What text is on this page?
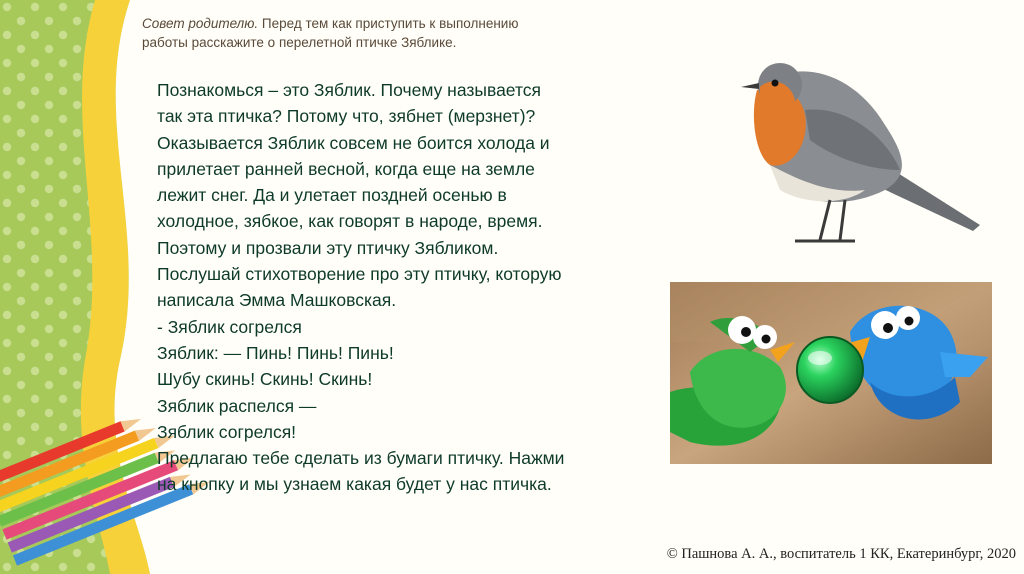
Совет родителю. Перед тем как приступить к выполнению
работы расскажите о перелетной птичке Зяблике.
Познакомься – это Зяблик. Почему называется
так эта птичка? Потому что, зябнет (мерзнет)?
Оказывается Зяблик совсем не боится холода и
прилетает ранней весной, когда еще на земле
лежит снег. Да и улетает поздней осенью в
холодное, зябкое, как говорят в народе, время.
Поэтому и прозвали эту птичку Зябликом.
Послушай стихотворение про эту птичку, которую
написала Эмма Машковская.
- Зяблик согрелся
Зяблик: — Пинь! Пинь! Пинь!
Шубу скинь! Скинь! Скинь!
Зяблик распелся —
Зяблик согрелся!
Предлагаю тебе сделать из бумаги птичку. Нажми
на кнопку и мы узнаем какая будет у нас птичка.
© Пашнова А. А., воспитатель 1 КК, Екатеринбург, 2020
